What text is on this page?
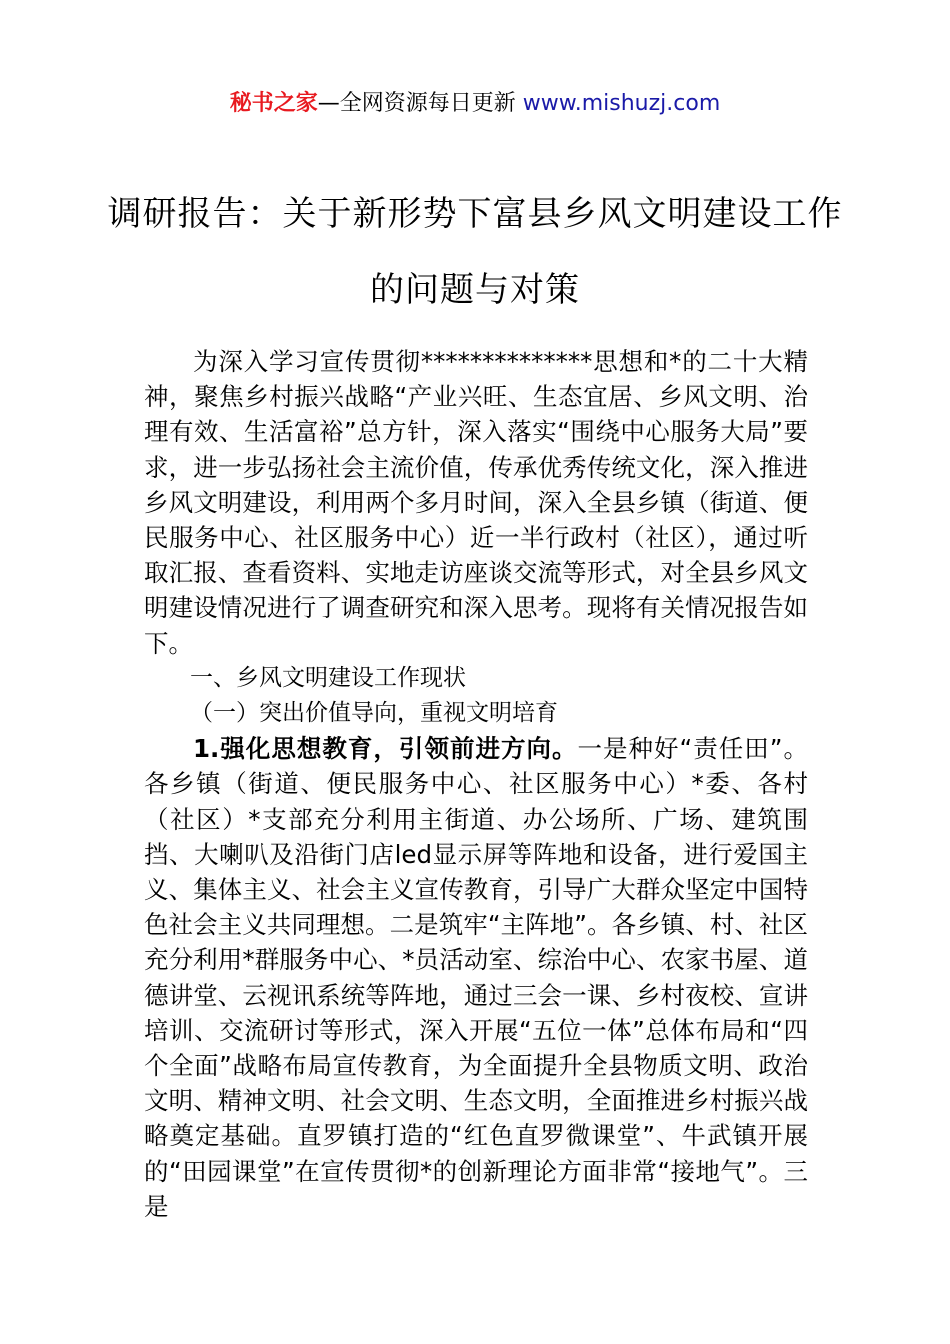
秘书之家—全网资源每日更新 www.mishuzj.com
调研报告：关于新形势下富县乡风文明建设工作的问题与对策

为深入学习宣传贯彻**************思想和*的二十大精神，聚焦乡村振兴战略“产业兴旺、生态宜居、乡风文明、治理有效、生活富裕”总方针，深入落实“围绕中心服务大局”要求，进一步弘扬社会主流价值，传承优秀传统文化，深入推进乡风文明建设，利用两个多月时间，深入全县乡镇（街道、便民服务中心、社区服务中心）近一半行政村（社区），通过听取汇报、查看资料、实地走访座谈交流等形式，对全县乡风文明建设情况进行了调查研究和深入思考。现将有关情况报告如下。

一、乡风文明建设工作现状

（一）突出价值导向，重视文明培育

1.强化思想教育，引领前进方向。一是种好“责任田”。各乡镇（街道、便民服务中心、社区服务中心）*委、各村（社区）*支部充分利用主街道、办公场所、广场、建筑围挡、大喇叭及沿街门店led显示屏等阵地和设备，进行爱国主义、集体主义、社会主义宣传教育，引导广大群众坚定中国特色社会主义共同理想。二是筑牢“主阵地”。各乡镇、村、社区充分利用*群服务中心、*员活动室、综治中心、农家书屋、道德讲堂、云视讯系统等阵地，通过三会一课、乡村夜校、宣讲培训、交流研讨等形式，深入开展“五位一体”总体布局和“四个全面”战略布局宣传教育，为全面提升全县物质文明、政治文明、精神文明、社会文明、生态文明，全面推进乡村振兴战略奠定基础。直罗镇打造的“红色直罗微课堂”、牛武镇开展的“田园课堂”在宣传贯彻*的创新理论方面非常“接地气”。三是
